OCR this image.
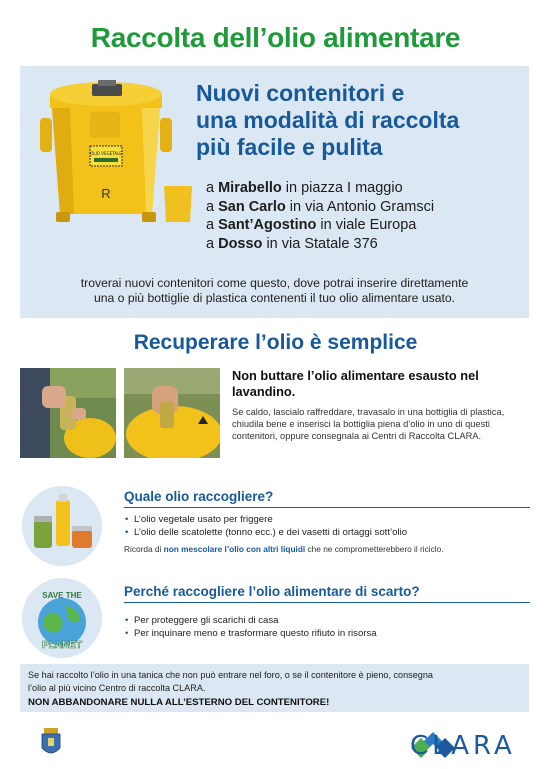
Raccolta dell’olio alimentare
OLIO VEGETALE
R
Nuovi contenitori e
una modalità di raccolta
più facile e pulita
a Mirabello in piazza I maggio
a San Carlo in via Antonio Gramsci
a Sant’Agostino in viale Europa
a Dosso in via Statale 376
troverai nuovi contenitori come questo, dove potrai inserire direttamente
una o più bottiglie di plastica contenenti il tuo olio alimentare usato.
Recuperare l’olio è semplice
Non buttare l’olio alimentare esausto nel
lavandino.
Se caldo, lascialo raffreddare, travasalo in una bottiglia di plastica, chiudila bene e inserisci la bottiglia piena d’olio in uno di questi contenitori, oppure consegnala ai Centri di Raccolta CLARA.
Quale olio raccogliere?
• L’olio vegetale usato per friggere
• L’olio delle scatolette (tonno ecc.) e dei vasetti di ortaggi sott’olio
Ricorda di non mescolare l’olio con altri liquidi che ne comprometterebbero il riciclo.
SAVE THE
PLANET
Perché raccogliere l’olio alimentare di scarto?
• Per proteggere gli scarichi di casa
• Per inquinare meno e trasformare questo rifiuto in risorsa
Se hai raccolto l’olio in una tanica che non può entrare nel foro, o se il contenitore è pieno, consegna
l’olio al più vicino Centro di raccolta CLARA.
NON ABBANDONARE NULLA ALL’ESTERNO DEL CONTENITORE!
CLARA
